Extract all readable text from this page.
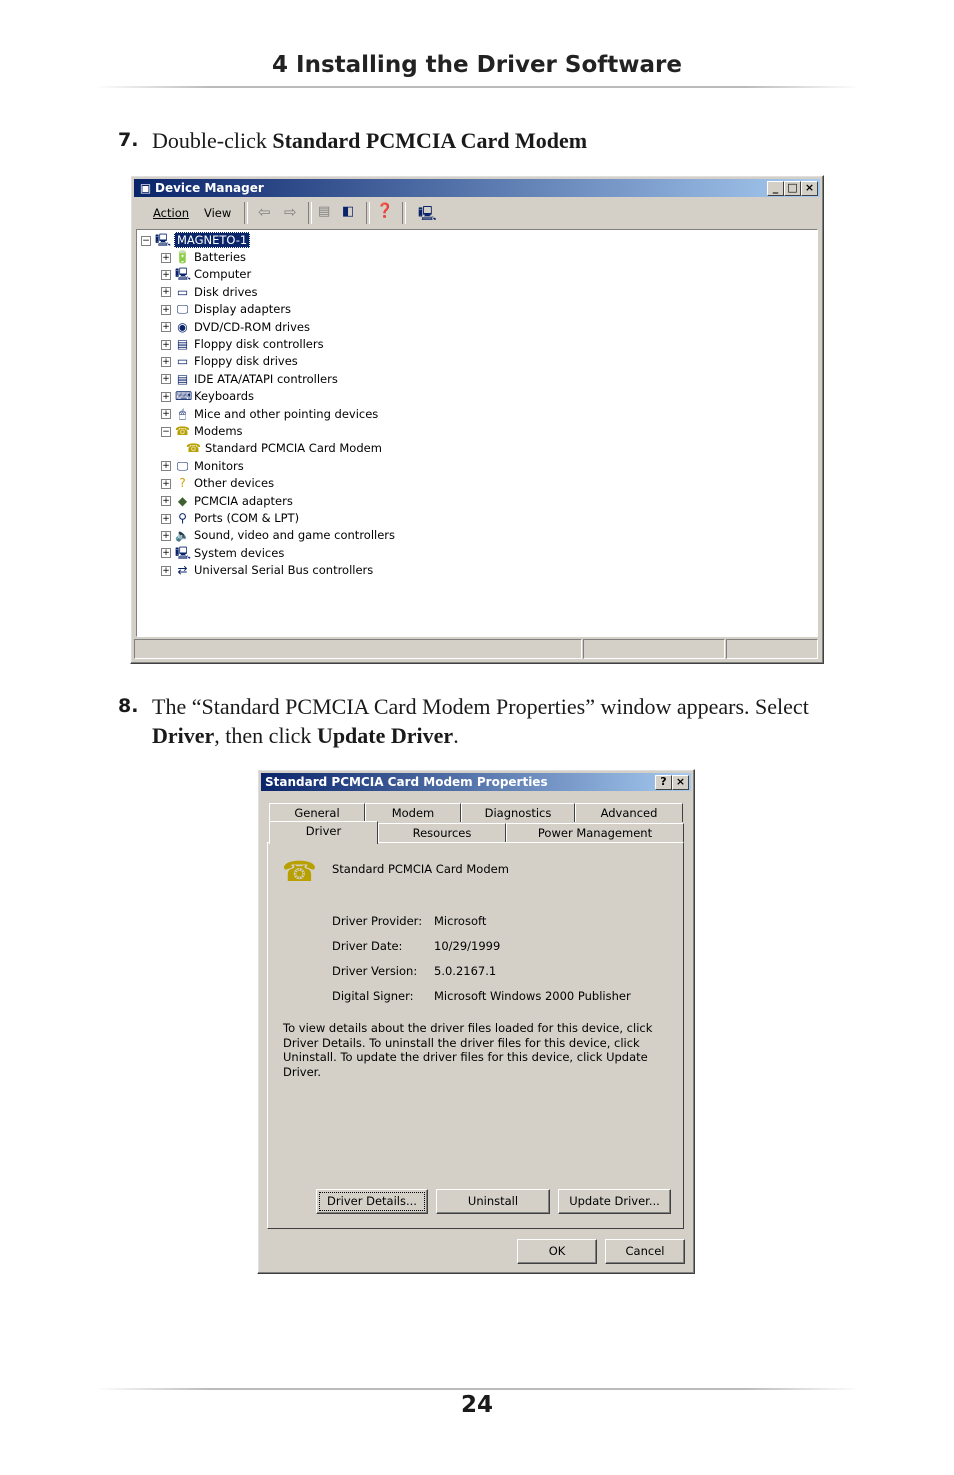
4 Installing the Driver Software
7. Double-click Standard PCMCIA Card Modem
▣ Device Manager	_ □ ×
Action View ⇦ ⇨ ▤ ◧ ❓ 🖳
− 🖳 MAGNETO-1
+ 🔋 Batteries
+ 🖳 Computer
+ ▭ Disk drives
+ 🖵 Display adapters
+ ◉ DVD/CD-ROM drives
+ ▤ Floppy disk controllers
+ ▭ Floppy disk drives
+ ▤ IDE ATA/ATAPI controllers
+ ⌨ Keyboards
+ 🖱 Mice and other pointing devices
− ☎ Modems
☎ Standard PCMCIA Card Modem
+ 🖵 Monitors
+ ? Other devices
+ ◆ PCMCIA adapters
+ ⚲ Ports (COM & LPT)
+ 🔈 Sound, video and game controllers
+ 🖳 System devices
+ ⇄ Universal Serial Bus controllers
8. The “Standard PCMCIA Card Modem Properties” window appears. Select Driver, then click Update Driver.
Standard PCMCIA Card Modem Properties	? ×
General	Modem	Diagnostics	Advanced
Driver	Resources	Power Management
☎ Standard PCMCIA Card Modem
Driver Provider: Microsoft
Driver Date:	10/29/1999
Driver Version: 5.0.2167.1
Digital Signer: Microsoft Windows 2000 Publisher
To view details about the driver files loaded for this device, click Driver Details. To uninstall the driver files for this device, click Uninstall. To update the driver files for this device, click Update Driver.
Driver Details...	Uninstall	Update Driver...
OK	Cancel
24
